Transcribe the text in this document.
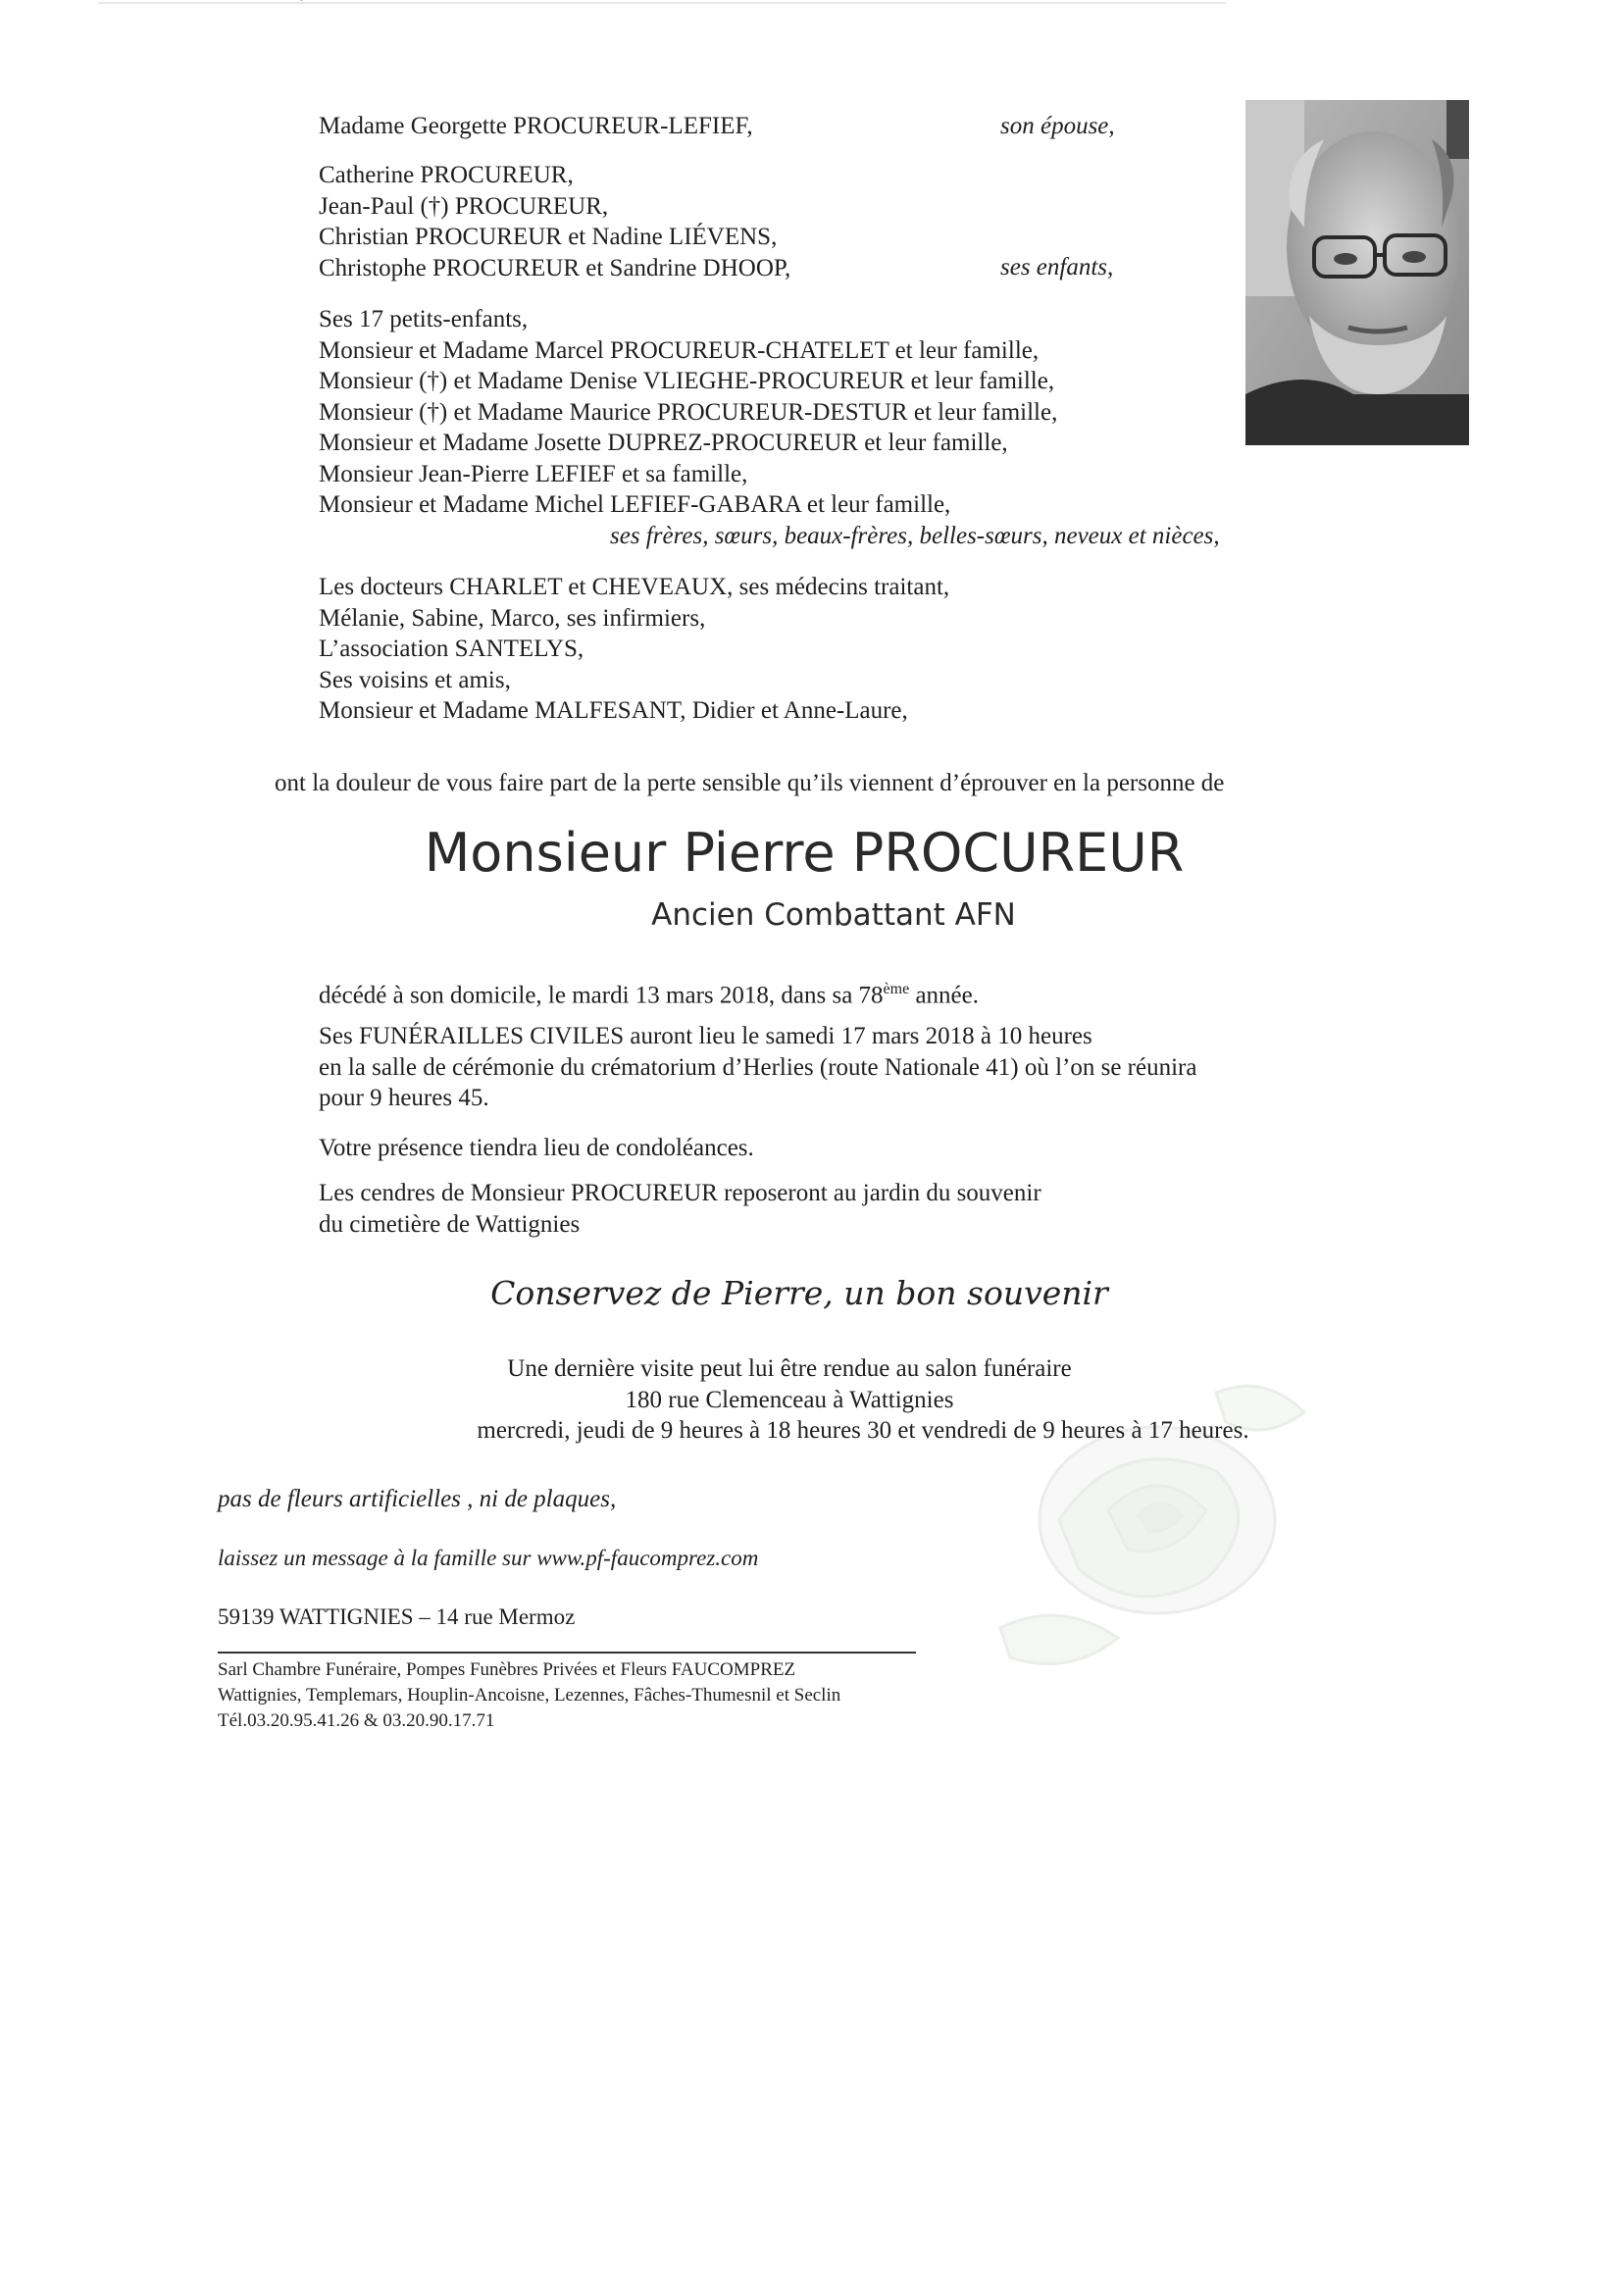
·
Madame Georgette PROCUREUR-LEFIEF,	son épouse,
Catherine PROCUREUR,
Jean-Paul (†) PROCUREUR,
Christian PROCUREUR et Nadine LIÉVENS,
Christophe PROCUREUR et Sandrine DHOOP,	ses enfants,
Ses 17 petits-enfants,
Monsieur et Madame Marcel PROCUREUR-CHATELET et leur famille,
Monsieur (†) et Madame Denise VLIEGHE-PROCUREUR et leur famille,
Monsieur (†) et Madame Maurice PROCUREUR-DESTUR et leur famille,
Monsieur et Madame Josette DUPREZ-PROCUREUR et leur famille,
Monsieur Jean-Pierre LEFIEF et sa famille,
Monsieur et Madame Michel LEFIEF-GABARA et leur famille,
ses frères, sœurs, beaux-frères, belles-sœurs, neveux et nièces,
Les docteurs CHARLET et CHEVEAUX, ses médecins traitant,
Mélanie, Sabine, Marco, ses infirmiers,
L’association SANTELYS,
Ses voisins et amis,
Monsieur et Madame MALFESANT, Didier et Anne-Laure,
ont la douleur de vous faire part de la perte sensible qu’ils viennent d’éprouver en la personne de
Monsieur Pierre PROCUREUR
Ancien Combattant AFN
décédé à son domicile, le mardi 13 mars 2018, dans sa 78ème année.
Ses FUNÉRAILLES CIVILES auront lieu le samedi 17 mars 2018 à 10 heures
en la salle de cérémonie du crématorium d’Herlies (route Nationale 41) où l’on se réunira
pour 9 heures 45.
Votre présence tiendra lieu de condoléances.
Les cendres de Monsieur PROCUREUR reposeront au jardin du souvenir
du cimetière de Wattignies
Conservez de Pierre, un bon souvenir
Une dernière visite peut lui être rendue au salon funéraire
180 rue Clemenceau à Wattignies
mercredi, jeudi de 9 heures à 18 heures 30 et vendredi de 9 heures à 17 heures.
pas de fleurs artificielles , ni de plaques,
laissez un message à la famille sur www.pf-faucomprez.com
59139 WATTIGNIES – 14 rue Mermoz
Sarl Chambre Funéraire, Pompes Funèbres Privées et Fleurs FAUCOMPREZ
Wattignies, Templemars, Houplin-Ancoisne, Lezennes, Fâches-Thumesnil et Seclin
Tél.03.20.95.41.26 & 03.20.90.17.71
